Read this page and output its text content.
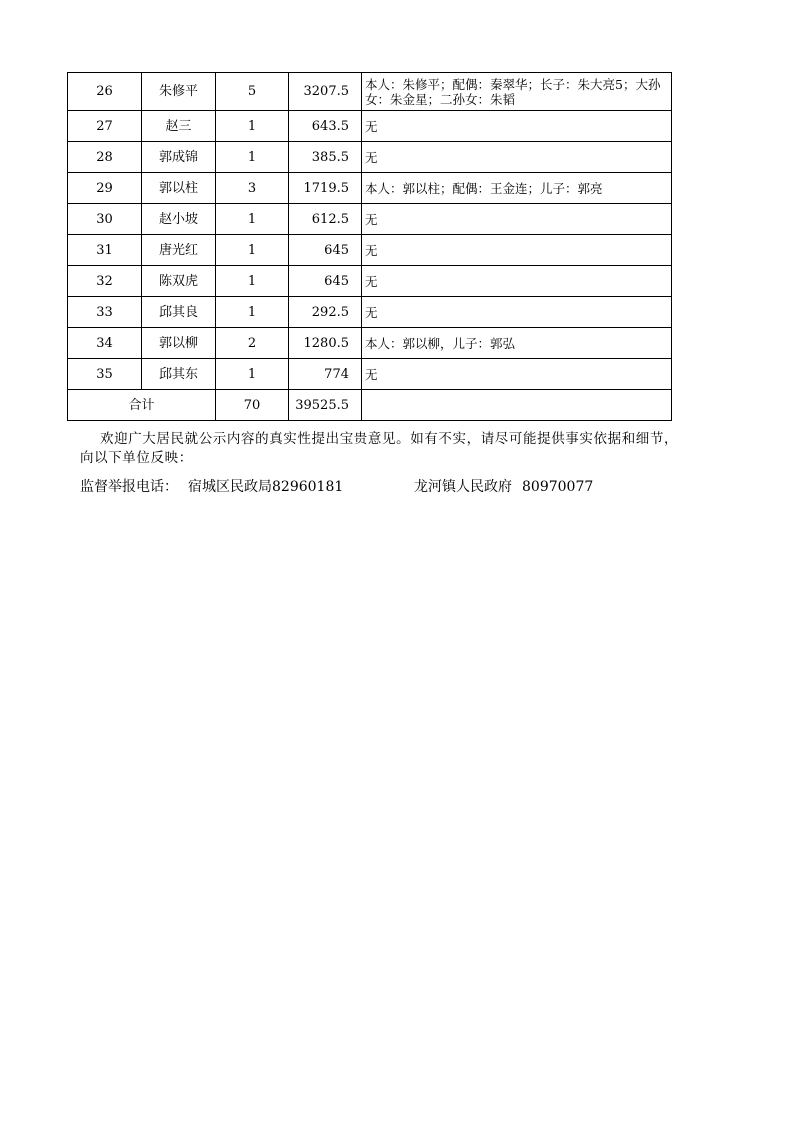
26	朱修平	5	3207.5	本人：朱修平；配偶：秦翠华；长子：朱大亮5；大孙女：朱金星；二孙女：朱韬
27	赵三	1	643.5	无
28	郭成锦	1	385.5	无
29	郭以柱	3	1719.5	本人：郭以柱；配偶：王金连；儿子：郭亮
30	赵小坡	1	612.5	无
31	唐光红	1	645	无
32	陈双虎	1	645	无
33	邱其良	1	292.5	无
34	郭以柳	2	1280.5	本人：郭以柳，儿子：郭弘
35	邱其东	1	774	无
合计		70	39525.5	
欢迎广大居民就公示内容的真实性提出宝贵意见。如有不实，请尽可能提供事实依据和细节，向以下单位反映：
监督举报电话： 宿城区民政局82960181	龙河镇人民政府 80970077
